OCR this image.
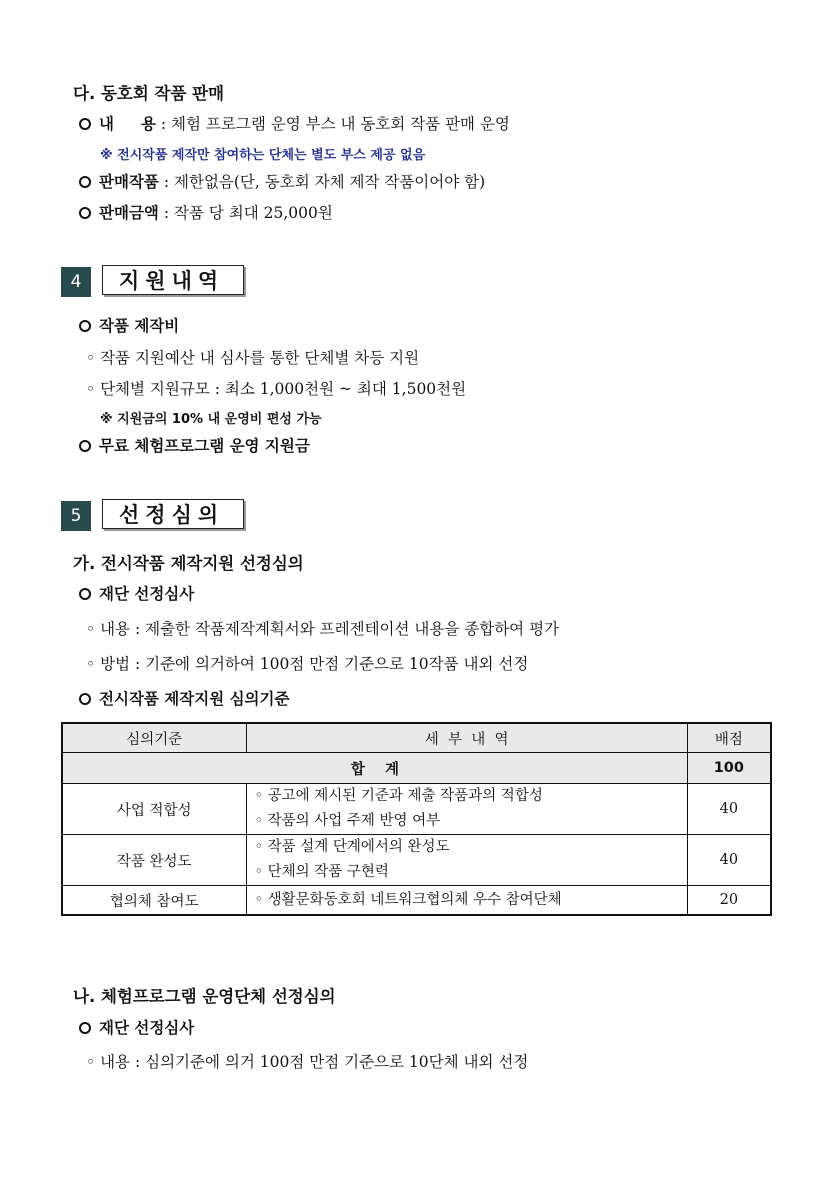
다. 동호회 작품 판매
내     용 : 체험 프로그램 운영 부스 내 동호회 작품 판매 운영
※ 전시작품 제작만 참여하는 단체는 별도 부스 제공 없음
판매작품 : 제한없음(단, 동호회 자체 제작 작품이어야 함)
판매금액 : 작품 당 최대 25,000원
4	지원내역
작품 제작비
◦ 작품 지원예산 내 심사를 통한 단체별 차등 지원
◦ 단체별 지원규모 : 최소 1,000천원 ~ 최대 1,500천원
※ 지원금의 10% 내 운영비 편성 가능
무료 체험프로그램 운영 지원금
5	선정심의
가. 전시작품 제작지원 선정심의
재단 선정심사
◦ 내용 : 제출한 작품제작계획서와 프레젠테이션 내용을 종합하여 평가
◦ 방법 : 기준에 의거하여 100점 만점 기준으로 10작품 내외 선정
전시작품 제작지원 심의기준
심의기준	세  부  내  역	배점
합    계		100
사업 적합성	◦ 공고에 제시된 기준과 제출 작품과의 적합성
◦ 작품의 사업 주제 반영 여부	40
작품 완성도	◦ 작품 설계 단계에서의 완성도
◦ 단체의 작품 구현력	40
협의체 참여도	◦ 생활문화동호회 네트워크협의체 우수 참여단체	20
나. 체험프로그램 운영단체 선정심의
재단 선정심사
◦ 내용 : 심의기준에 의거 100점 만점 기준으로 10단체 내외 선정
